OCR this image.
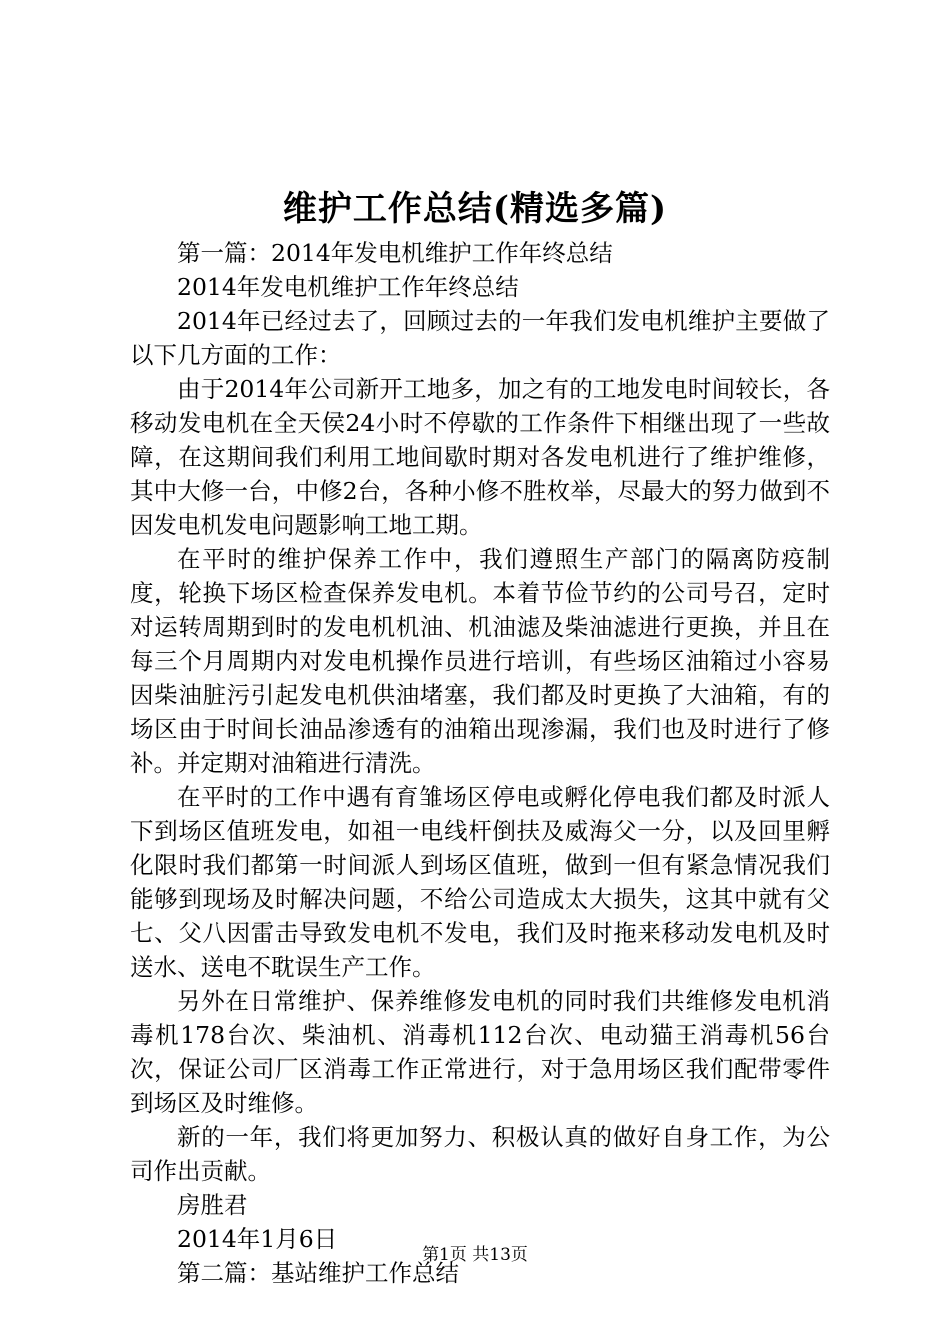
维护工作总结(精选多篇)

第一篇：2014年发电机维护工作年终总结

2014年发电机维护工作年终总结

2014年已经过去了，回顾过去的一年我们发电机维护主要做了以下几方面的工作：

由于2014年公司新开工地多，加之有的工地发电时间较长，各移动发电机在全天侯24小时不停歇的工作条件下相继出现了一些故障，在这期间我们利用工地间歇时期对各发电机进行了维护维修，其中大修一台，中修2台，各种小修不胜枚举，尽最大的努力做到不因发电机发电问题影响工地工期。

在平时的维护保养工作中，我们遵照生产部门的隔离防疫制度，轮换下场区检查保养发电机。本着节俭节约的公司号召，定时对运转周期到时的发电机机油、机油滤及柴油滤进行更换，并且在每三个月周期内对发电机操作员进行培训，有些场区油箱过小容易因柴油脏污引起发电机供油堵塞，我们都及时更换了大油箱，有的场区由于时间长油品渗透有的油箱出现渗漏，我们也及时进行了修补。并定期对油箱进行清洗。

在平时的工作中遇有育雏场区停电或孵化停电我们都及时派人下到场区值班发电，如祖一电线杆倒扶及威海父一分，以及回里孵化限时我们都第一时间派人到场区值班，做到一但有紧急情况我们能够到现场及时解决问题，不给公司造成太大损失，这其中就有父七、父八因雷击导致发电机不发电，我们及时拖来移动发电机及时送水、送电不耽误生产工作。

另外在日常维护、保养维修发电机的同时我们共维修发电机消毒机178台次、柴油机、消毒机112台次、电动猫王消毒机56台次，保证公司厂区消毒工作正常进行，对于急用场区我们配带零件到场区及时维修。

新的一年，我们将更加努力、积极认真的做好自身工作，为公司作出贡献。

房胜君

2014年1月6日

第二篇：基站维护工作总结

第1页 共13页
